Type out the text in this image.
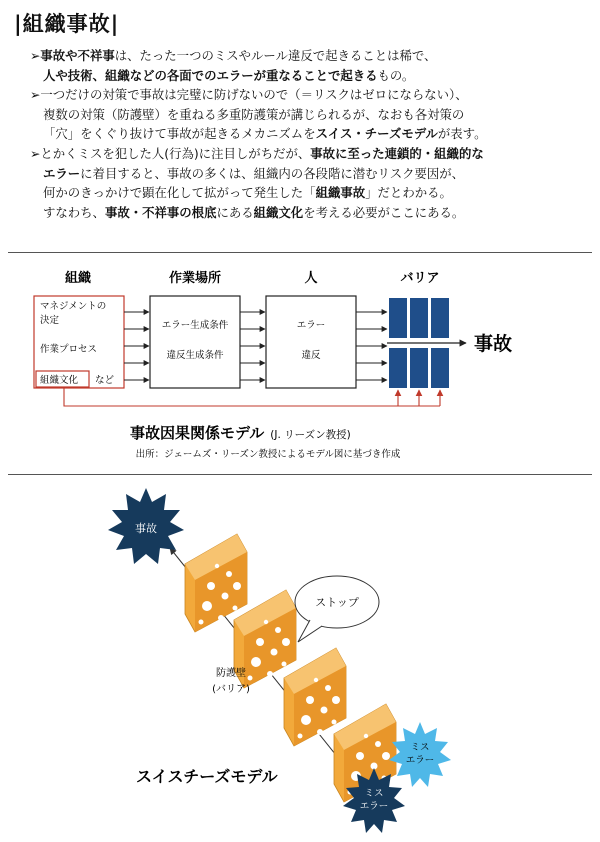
|組織事故|
➢事故や不祥事は、たった一つのミスやルール違反で起きることは稀で、
人や技術、組織などの各面でのエラーが重なることで起きるもの。
➢一つだけの対策で事故は完璧に防げないので（＝リスクはゼロにならない）、
複数の対策（防護壁）を重ねる多重防護策が講じられるが、なおも各対策の
「穴」をくぐり抜けて事故が起きるメカニズムをスイス・チーズモデルが表す。
➢とかくミスを犯した人(行為)に注目しがちだが、事故に至った連鎖的・組織的な
エラーに着目すると、事故の多くは、組織内の各段階に潜むリスク要因が、
何かのきっかけで顕在化して拡がって発生した「組織事故」だとわかる。
すなわち、事故・不祥事の根底にある組織文化を考える必要がここにある。
組織	作業場所	人	バリア
マネジメントの
決定
作業プロセス
組織文化 など
エラー生成条件
違反生成条件
エラー
違反
事故
事故因果関係モデル (J. リーズン教授)
出所：ジェームズ・リーズン教授によるモデル図に基づき作成
事故
ストップ
防護壁
(バリア)
ミス
エラー
ミス
エラー
スイスチーズモデル
